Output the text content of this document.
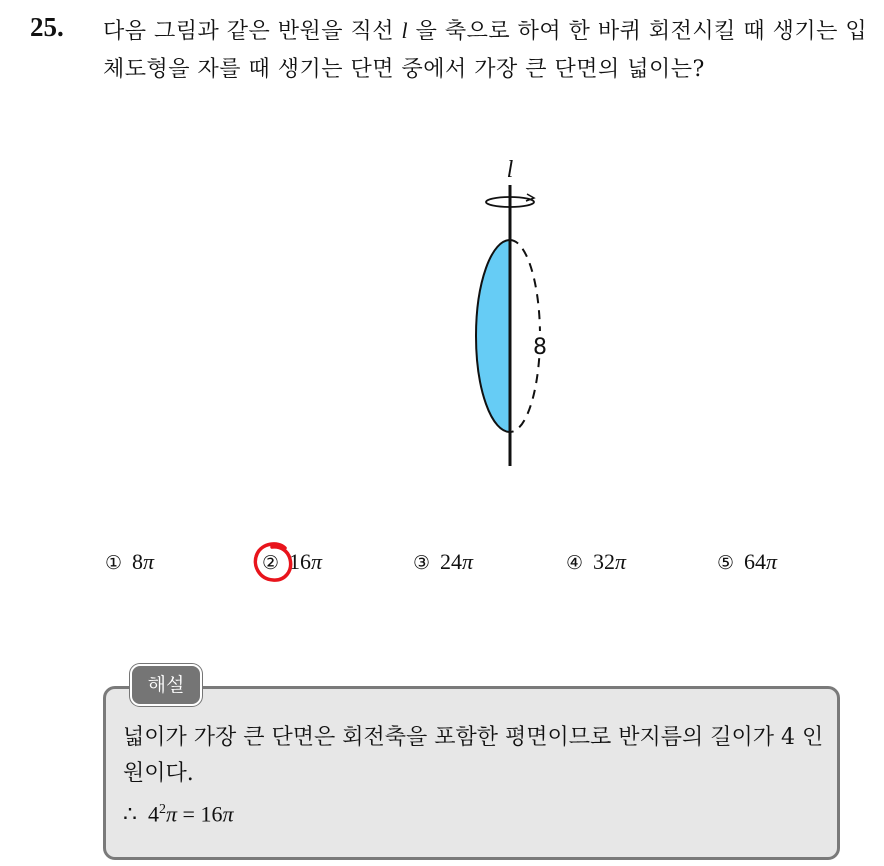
25. 다음 그림과 같은 반원을 직선 l 을 축으로 하여 한 바퀴 회전시킬 때 생기는 입체도형을 자를 때 생기는 단면 중에서 가장 큰 단면의 넓이는?
l
8
① 8π	② 16π	③ 24π	④ 32π	⑤ 64π
해설
넓이가 가장 큰 단면은 회전축을 포함한 평면이므로 반지름의 길이가 4 인 원이다.
∴ $4^2\pi = 16\pi$
